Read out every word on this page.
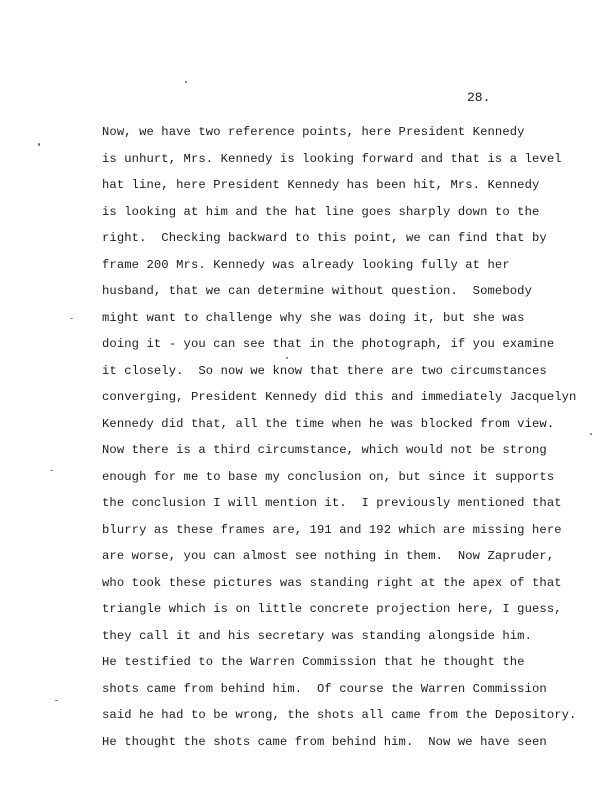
28.
Now, we have two reference points, here President Kennedy
is unhurt, Mrs. Kennedy is looking forward and that is a level
hat line, here President Kennedy has been hit, Mrs. Kennedy
is looking at him and the hat line goes sharply down to the
right.  Checking backward to this point, we can find that by
frame 200 Mrs. Kennedy was already looking fully at her
husband, that we can determine without question.  Somebody
might want to challenge why she was doing it, but she was
doing it - you can see that in the photograph, if you examine
it closely.  So now we know that there are two circumstances
converging, President Kennedy did this and immediately Jacquelyn
Kennedy did that, all the time when he was blocked from view.
Now there is a third circumstance, which would not be strong
enough for me to base my conclusion on, but since it supports
the conclusion I will mention it.  I previously mentioned that
blurry as these frames are, 191 and 192 which are missing here
are worse, you can almost see nothing in them.  Now Zapruder,
who took these pictures was standing right at the apex of that
triangle which is on little concrete projection here, I guess,
they call it and his secretary was standing alongside him.
He testified to the Warren Commission that he thought the
shots came from behind him.  Of course the Warren Commission
said he had to be wrong, the shots all came from the Depository.
He thought the shots came from behind him.  Now we have seen
